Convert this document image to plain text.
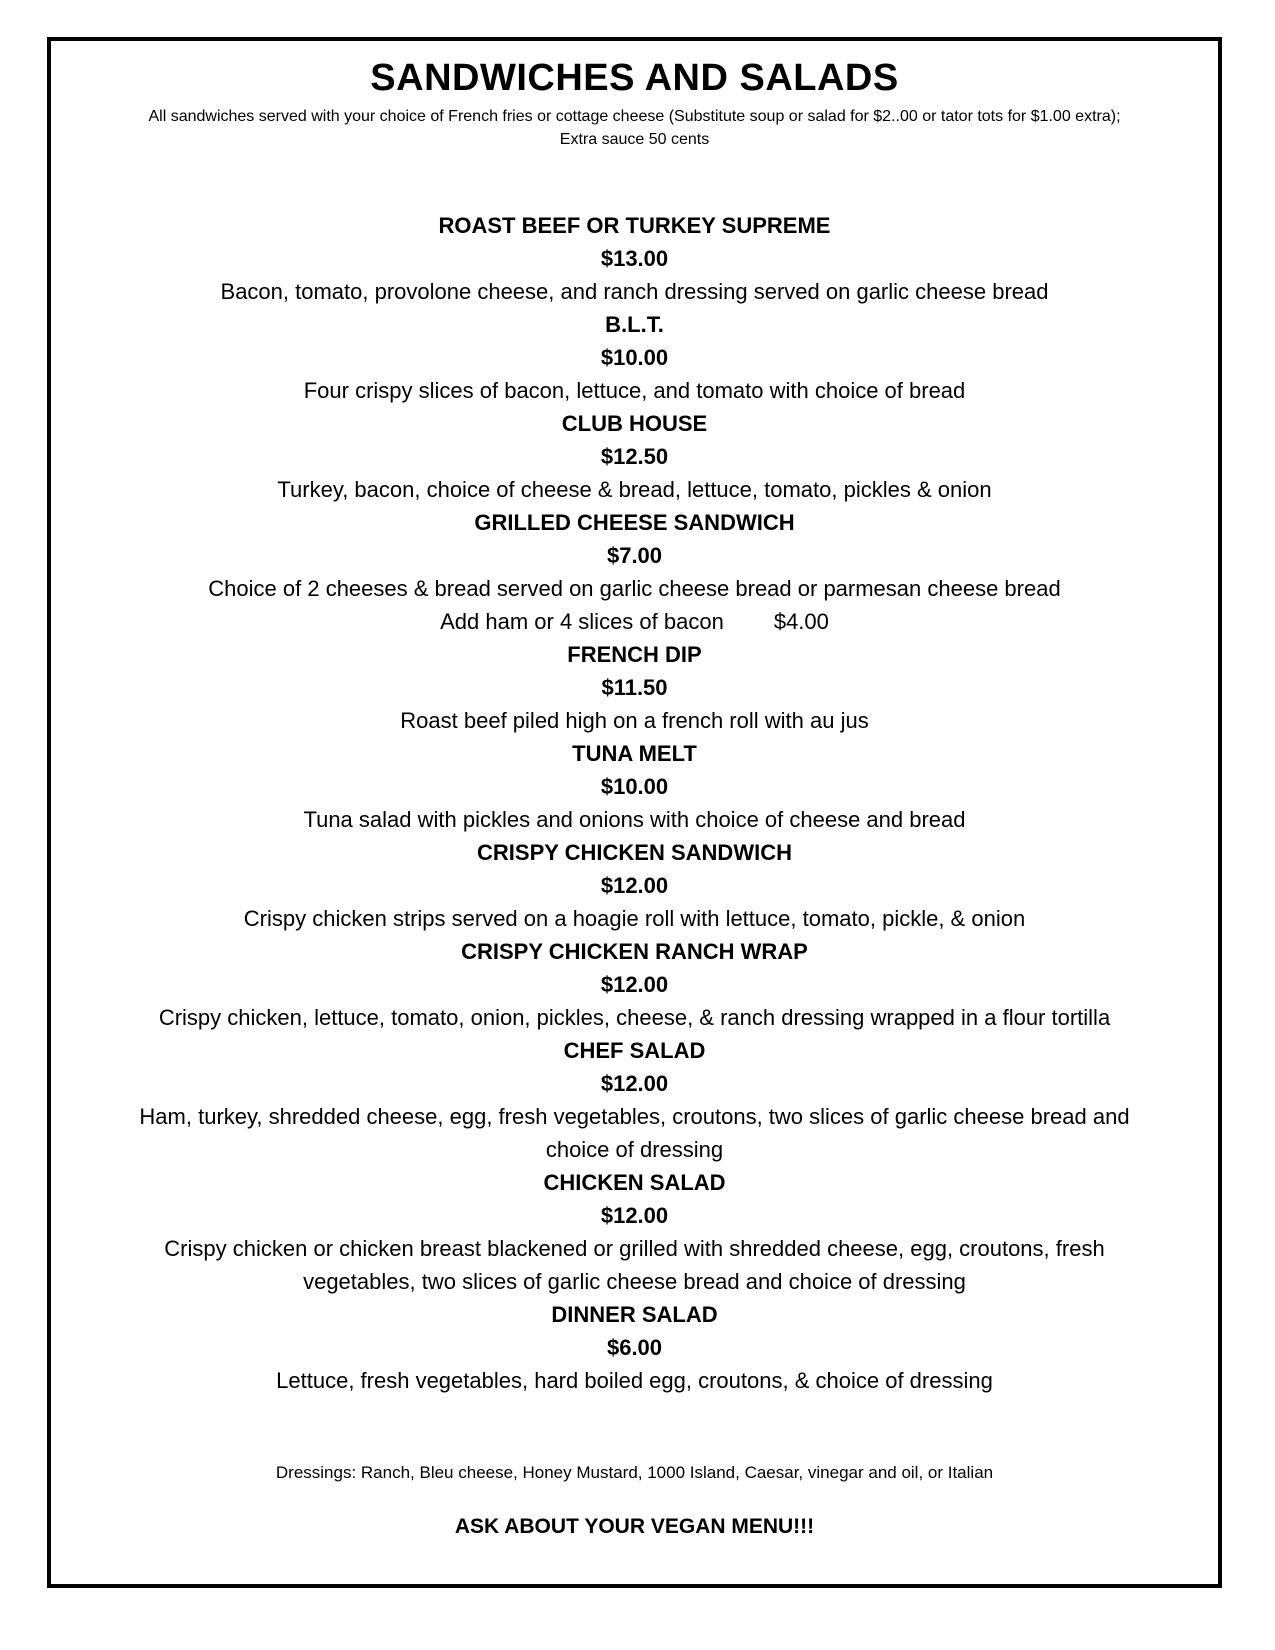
SANDWICHES AND SALADS

All sandwiches served with your choice of French fries or cottage cheese (Substitute soup or salad for $2..00 or tator tots for $1.00 extra);

Extra sauce 50 cents

ROAST BEEF OR TURKEY SUPREME

$13.00

Bacon, tomato, provolone cheese, and ranch dressing served on garlic cheese bread

B.L.T.

$10.00

Four crispy slices of bacon, lettuce, and tomato with choice of bread

CLUB HOUSE

$12.50

Turkey, bacon, choice of cheese & bread, lettuce, tomato, pickles & onion

GRILLED CHEESE SANDWICH

$7.00

Choice of 2 cheeses & bread served on garlic cheese bread or parmesan cheese bread

Add ham or 4 slices of bacon $4.00

FRENCH DIP

$11.50

Roast beef piled high on a french roll with au jus

TUNA MELT

$10.00

Tuna salad with pickles and onions with choice of cheese and bread

CRISPY CHICKEN SANDWICH

$12.00

Crispy chicken strips served on a hoagie roll with lettuce, tomato, pickle, & onion

CRISPY CHICKEN RANCH WRAP

$12.00

Crispy chicken, lettuce, tomato, onion, pickles, cheese, & ranch dressing wrapped in a flour tortilla

CHEF SALAD

$12.00

Ham, turkey, shredded cheese, egg, fresh vegetables, croutons, two slices of garlic cheese bread and

choice of dressing

CHICKEN SALAD

$12.00

Crispy chicken or chicken breast blackened or grilled with shredded cheese, egg, croutons, fresh

vegetables, two slices of garlic cheese bread and choice of dressing

DINNER SALAD

$6.00

Lettuce, fresh vegetables, hard boiled egg, croutons, & choice of dressing

Dressings: Ranch, Bleu cheese, Honey Mustard, 1000 Island, Caesar, vinegar and oil, or Italian

ASK ABOUT YOUR VEGAN MENU!!!
